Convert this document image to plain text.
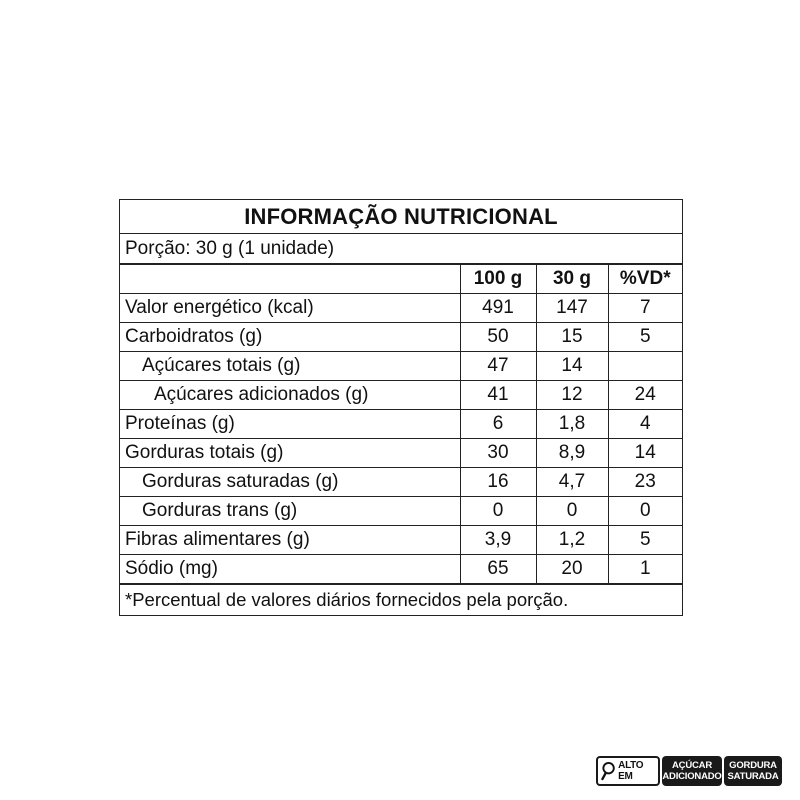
INFORMAÇÃO NUTRICIONAL
Porção: 30 g (1 unidade)
	100 g	30 g	%VD*
Valor energético (kcal)	491	147	7
Carboidratos (g)	50	15	5
Açúcares totais (g)	47	14	
Açúcares adicionados (g)	41	12	24
Proteínas (g)	6	1,8	4
Gorduras totais (g)	30	8,9	14
Gorduras saturadas (g)	16	4,7	23
Gorduras trans (g)	0	0	0
Fibras alimentares (g)	3,9	1,2	5
Sódio (mg)	65	20	1
*Percentual de valores diários fornecidos pela porção.
ALTO EM
AÇÚCAR
ADICIONADO
GORDURA
SATURADA
